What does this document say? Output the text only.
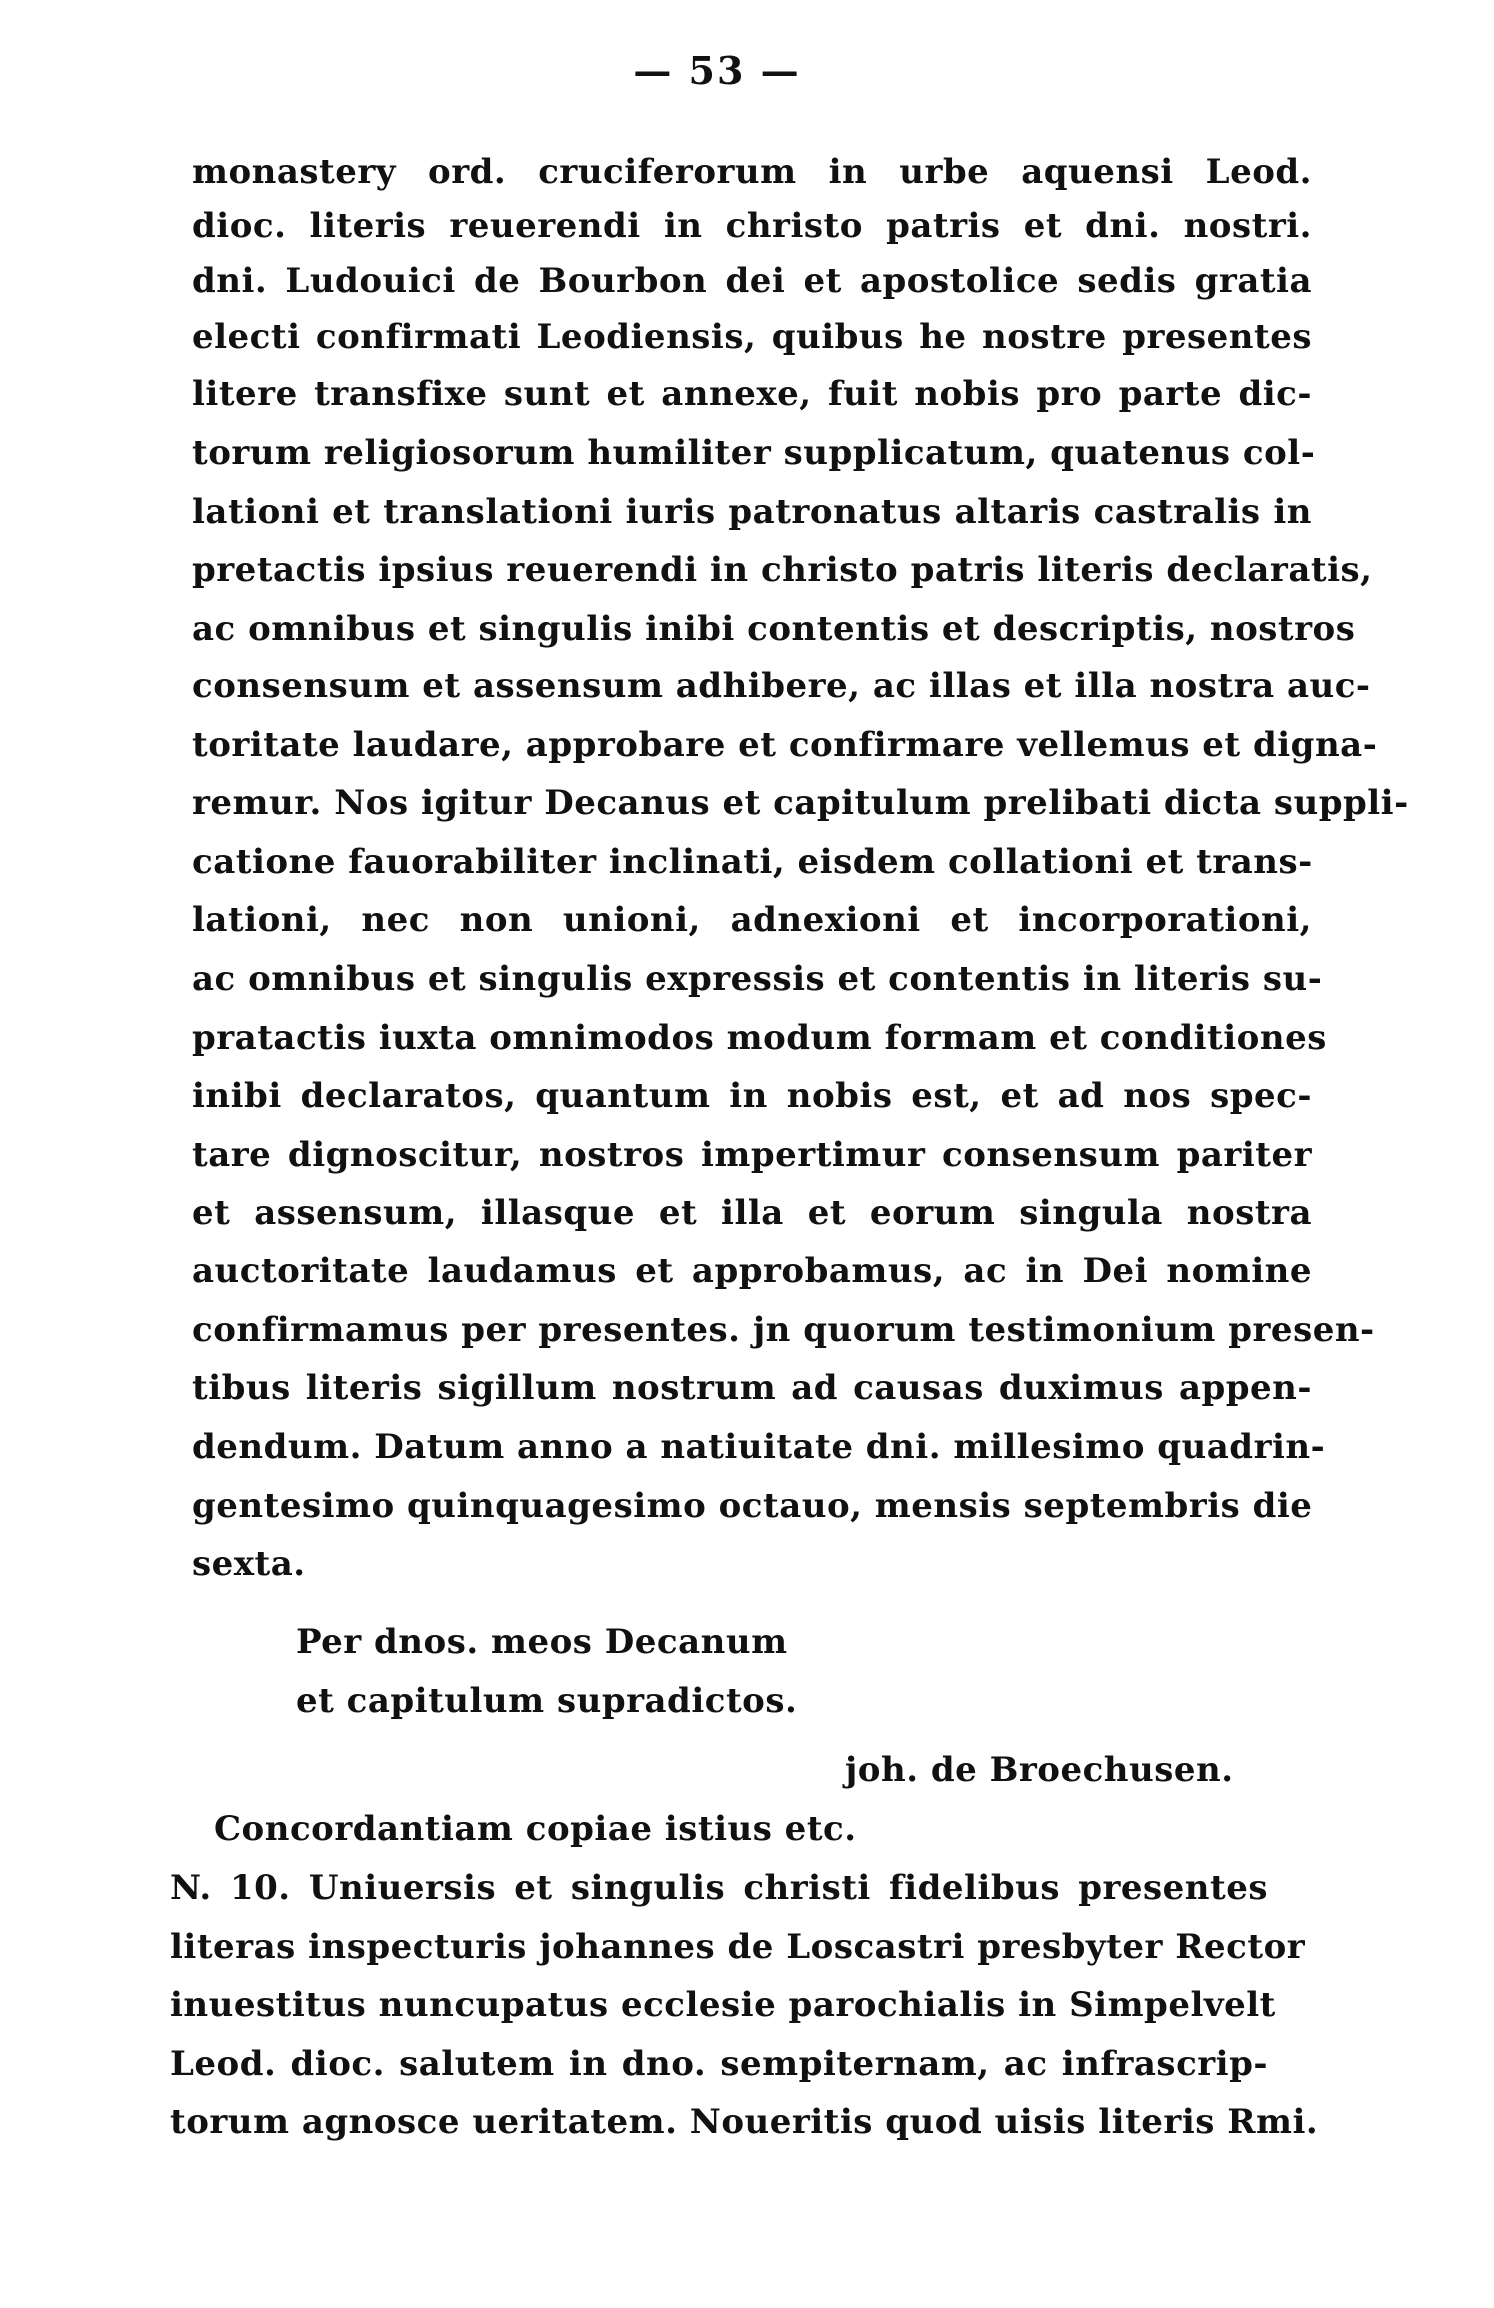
— 53 —
monastery ord. cruciferorum in urbe aquensi Leod.
dioc. literis reuerendi in christo patris et dni. nostri.
dni. Ludouici de Bourbon dei et apostolice sedis gratia
electi confirmati Leodiensis, quibus he nostre presentes
litere transfixe sunt et annexe, fuit nobis pro parte dic-
torum religiosorum humiliter supplicatum, quatenus col-
lationi et translationi iuris patronatus altaris castralis in
pretactis ipsius reuerendi in christo patris literis declaratis,
ac omnibus et singulis inibi contentis et descriptis, nostros
consensum et assensum adhibere, ac illas et illa nostra auc-
toritate laudare, approbare et confirmare vellemus et digna-
remur. Nos igitur Decanus et capitulum prelibati dicta suppli-
catione fauorabiliter inclinati, eisdem collationi et trans-
lationi, nec non unioni, adnexioni et incorporationi,
ac omnibus et singulis expressis et contentis in literis su-
pratactis iuxta omnimodos modum formam et conditiones
inibi declaratos, quantum in nobis est, et ad nos spec-
tare dignoscitur, nostros impertimur consensum pariter
et assensum, illasque et illa et eorum singula nostra
auctoritate laudamus et approbamus, ac in Dei nomine
confirmamus per presentes. jn quorum testimonium presen-
tibus literis sigillum nostrum ad causas duximus appen-
dendum. Datum anno a natiuitate dni. millesimo quadrin-
gentesimo quinquagesimo octauo, mensis septembris die
sexta.
Per dnos. meos Decanum
et capitulum supradictos.
joh. de Broechusen.
Concordantiam copiae istius etc.
N. 10. Uniuersis et singulis christi fidelibus presentes
literas inspecturis johannes de Loscastri presbyter Rector
inuestitus nuncupatus ecclesie parochialis in Simpelvelt
Leod. dioc. salutem in dno. sempiternam, ac infrascrip-
torum agnosce ueritatem. Noueritis quod uisis literis Rmi.
